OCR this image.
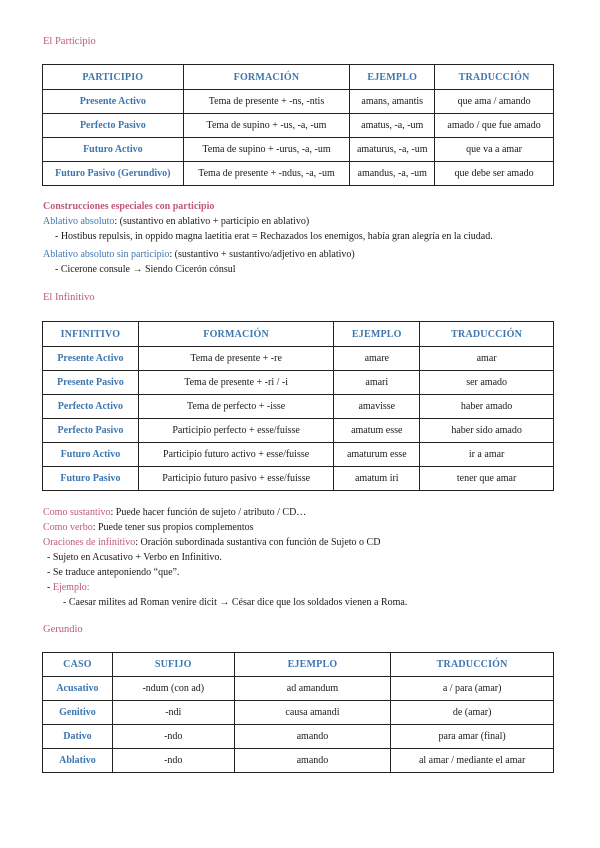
El Participio
PARTICIPIO	FORMACIÓN	EJEMPLO	TRADUCCIÓN
Presente Activo	Tema de presente + -ns, -ntis	amans, amantis	que ama / amando
Perfecto Pasivo	Tema de supino + -us, -a, -um	amatus, -a, -um	amado / que fue amado
Futuro Activo	Tema de supino + -urus, -a, -um	amaturus, -a, -um	que va a amar
Futuro Pasivo (Gerundivo)	Tema de presente + -ndus, -a, -um	amandus, -a, -um	que debe ser amado
Construcciones especiales con participio
Ablativo absoluto: (sustantivo en ablativo + participio en ablativo)
- Hostibus repulsis, in oppido magna laetitia erat = Rechazados los enemigos, había gran alegría en la ciudad.
Ablativo absoluto sin participio: (sustantivo + sustantivo/adjetivo en ablativo)
- Cicerone consule → Siendo Cicerón cónsul
El Infinitivo
INFINITIVO	FORMACIÓN	EJEMPLO	TRADUCCIÓN
Presente Activo	Tema de presente + -re	amare	amar
Presente Pasivo	Tema de presente + -ri / -i	amari	ser amado
Perfecto Activo	Tema de perfecto + -isse	amavisse	haber amado
Perfecto Pasivo	Participio perfecto + esse/fuisse	amatum esse	haber sido amado
Futuro Activo	Participio futuro activo + esse/fuisse	amaturum esse	ir a amar
Futuro Pasivo	Participio futuro pasivo + esse/fuisse	amatum iri	tener que amar
Como sustantivo: Puede hacer función de sujeto / atributo / CD…
Como verbo: Puede tener sus propios complementos
Oraciones de infinitivo: Oración subordinada sustantiva con función de Sujeto o CD
- Sujeto en Acusativo + Verbo en Infinitivo.
- Se traduce anteponiendo “que”.
- Ejemplo:
- Caesar milites ad Roman venire dicit → César dice que los soldados vienen a Roma.
Gerundio
CASO	SUFIJO	EJEMPLO	TRADUCCIÓN
Acusativo	-ndum (con ad)	ad amandum	a / para (amar)
Genitivo	-ndi	causa amandi	de (amar)
Dativo	-ndo	amando	para amar (final)
Ablativo	-ndo	amando	al amar / mediante el amar
